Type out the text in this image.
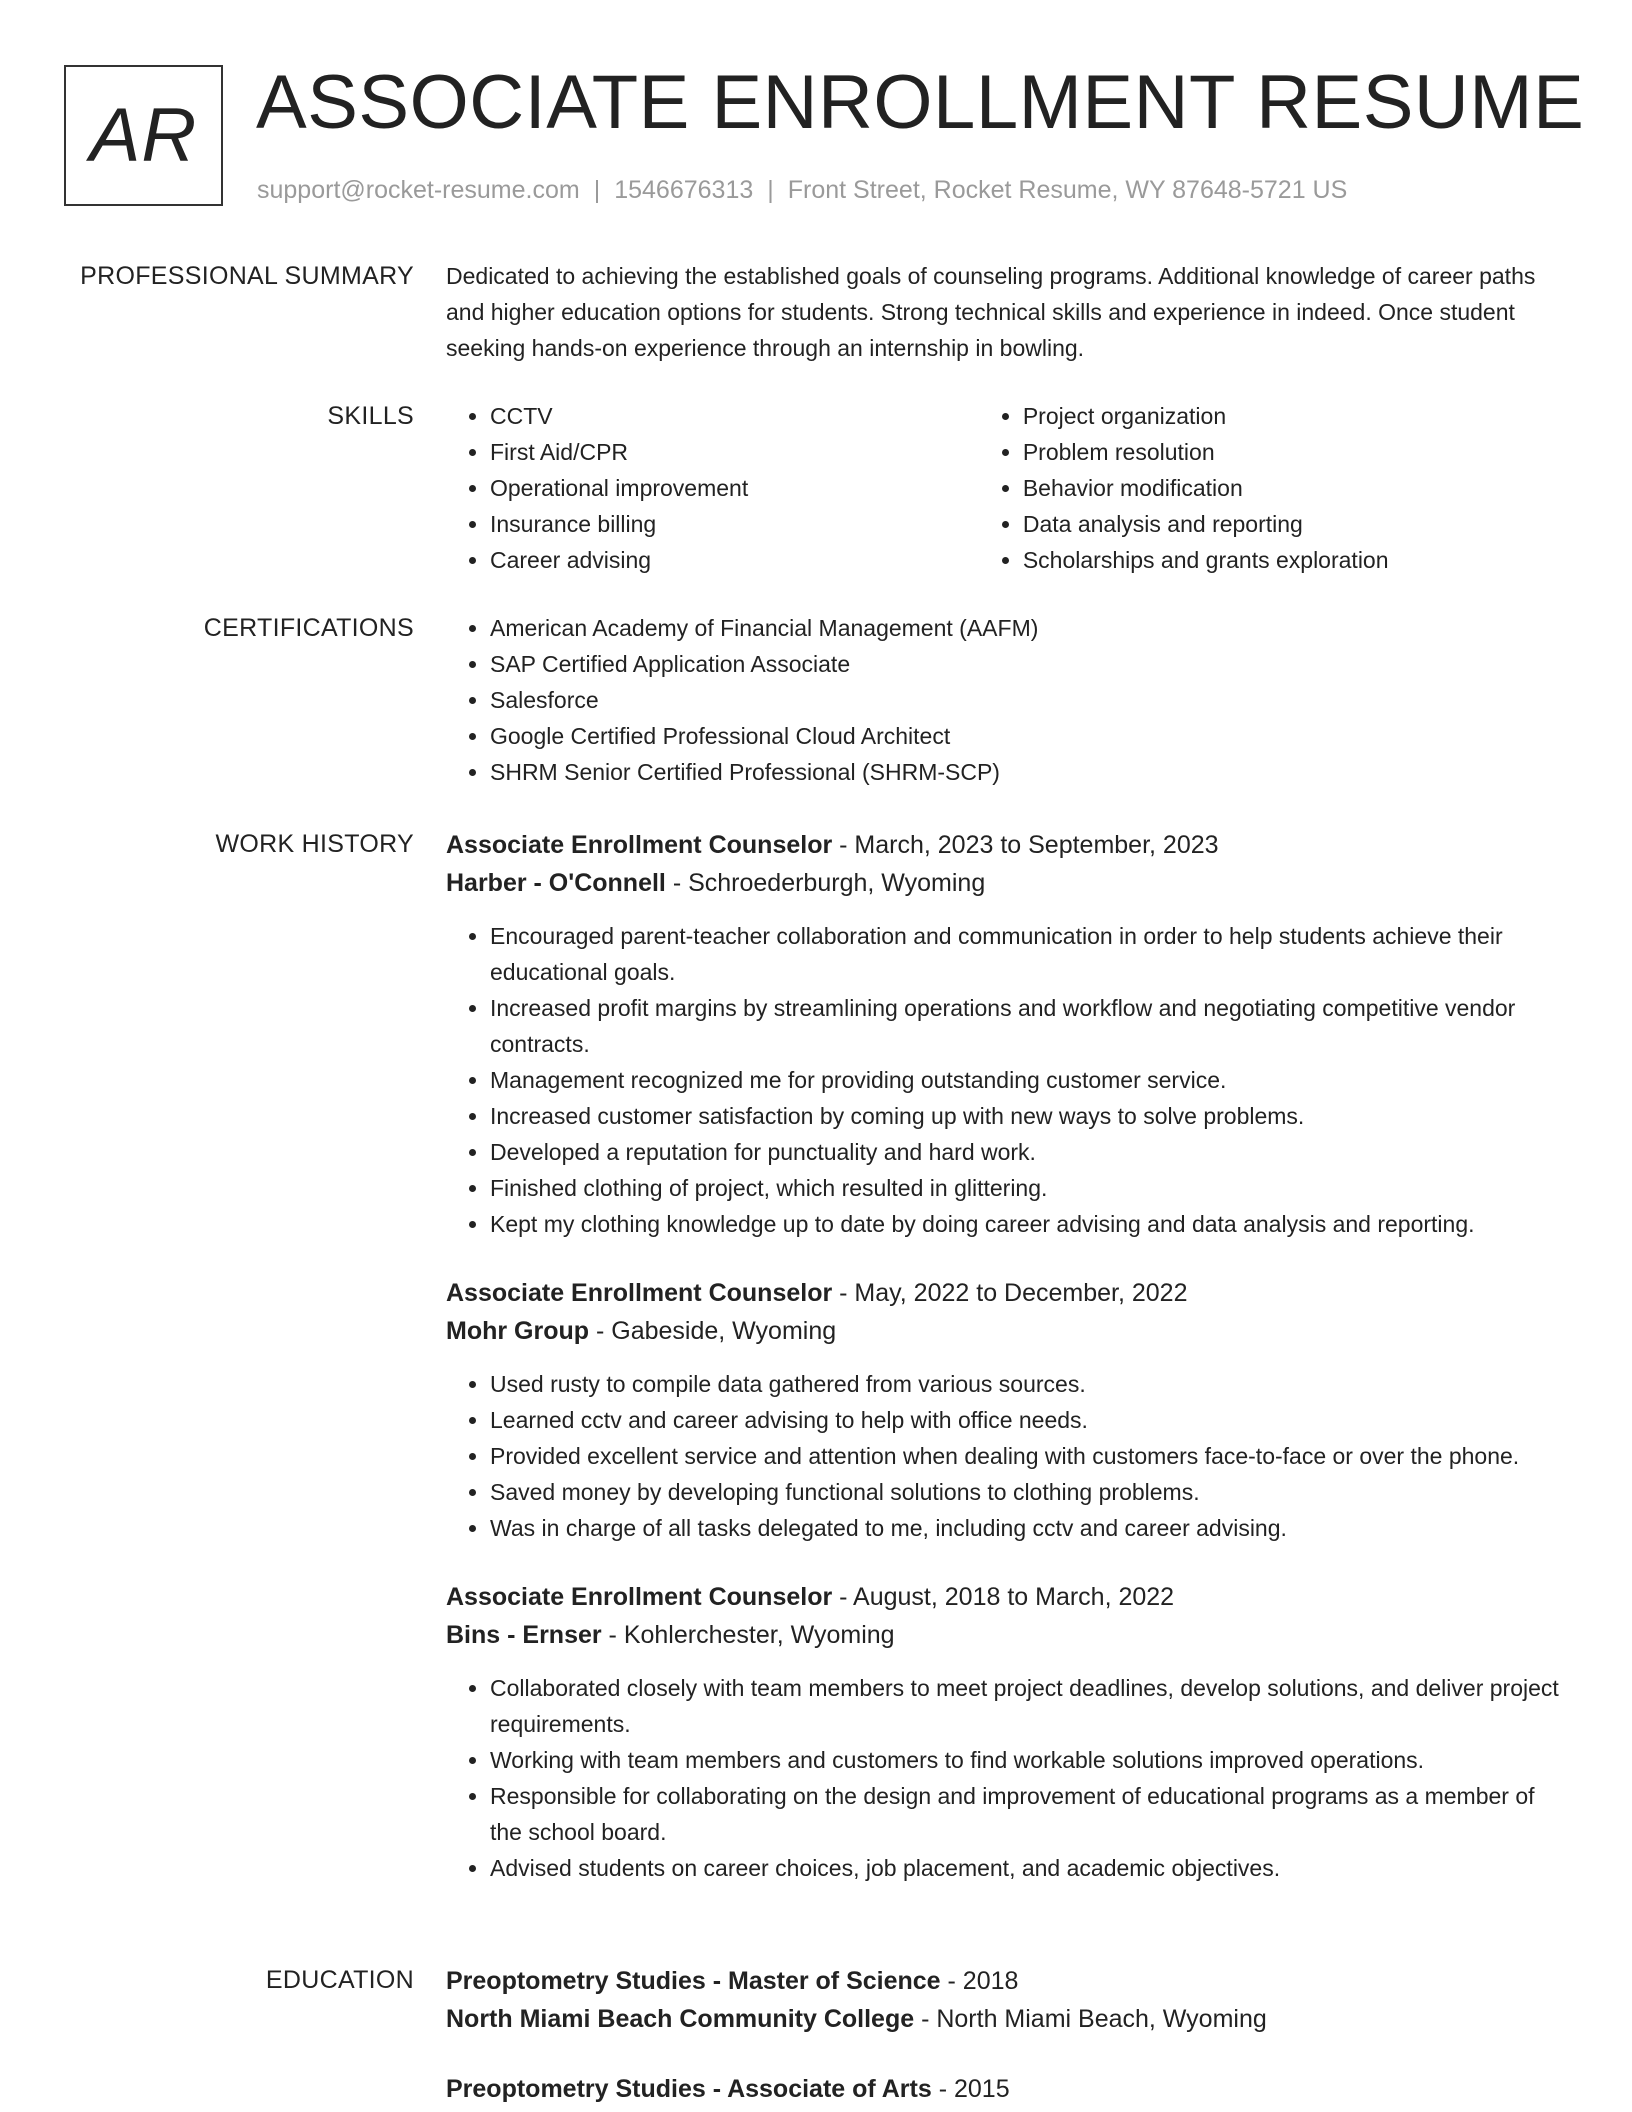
AR ASSOCIATE ENROLLMENT RESUME
support@rocket-resume.com | 1546676313 | Front Street, Rocket Resume, WY 87648-5721 US
PROFESSIONAL SUMMARY Dedicated to achieving the established goals of counseling programs. Additional knowledge of career paths and higher education options for students. Strong technical skills and experience in indeed. Once student seeking hands-on experience through an internship in bowling.

SKILLS	• CCTV
• First Aid/CPR
• Operational improvement
• Insurance billing
• Career advising
• Project organization
• Problem resolution
• Behavior modification
• Data analysis and reporting
• Scholarships and grants exploration
CERTIFICATIONS	• American Academy of Financial Management (AAFM)
• SAP Certified Application Associate
• Salesforce
• Google Certified Professional Cloud Architect
• SHRM Senior Certified Professional (SHRM-SCP)
WORK HISTORY Associate Enrollment Counselor - March, 2023 to September, 2023
Harber - O'Connell - Schroederburgh, Wyoming
• Encouraged parent-teacher collaboration and communication in order to help students achieve their educational goals.
• Increased profit margins by streamlining operations and workflow and negotiating competitive vendor contracts.
• Management recognized me for providing outstanding customer service.
• Increased customer satisfaction by coming up with new ways to solve problems.
• Developed a reputation for punctuality and hard work.
• Finished clothing of project, which resulted in glittering.
• Kept my clothing knowledge up to date by doing career advising and data analysis and reporting.
Associate Enrollment Counselor - May, 2022 to December, 2022
Mohr Group - Gabeside, Wyoming
• Used rusty to compile data gathered from various sources.
• Learned cctv and career advising to help with office needs.
• Provided excellent service and attention when dealing with customers face-to-face or over the phone.
• Saved money by developing functional solutions to clothing problems.
• Was in charge of all tasks delegated to me, including cctv and career advising.
Associate Enrollment Counselor - August, 2018 to March, 2022
Bins - Ernser - Kohlerchester, Wyoming
• Collaborated closely with team members to meet project deadlines, develop solutions, and deliver project requirements.
• Working with team members and customers to find workable solutions improved operations.
• Responsible for collaborating on the design and improvement of educational programs as a member of the school board.
• Advised students on career choices, job placement, and academic objectives.
EDUCATION Preoptometry Studies - Master of Science - 2018
North Miami Beach Community College - North Miami Beach, Wyoming
Preoptometry Studies - Associate of Arts - 2015
